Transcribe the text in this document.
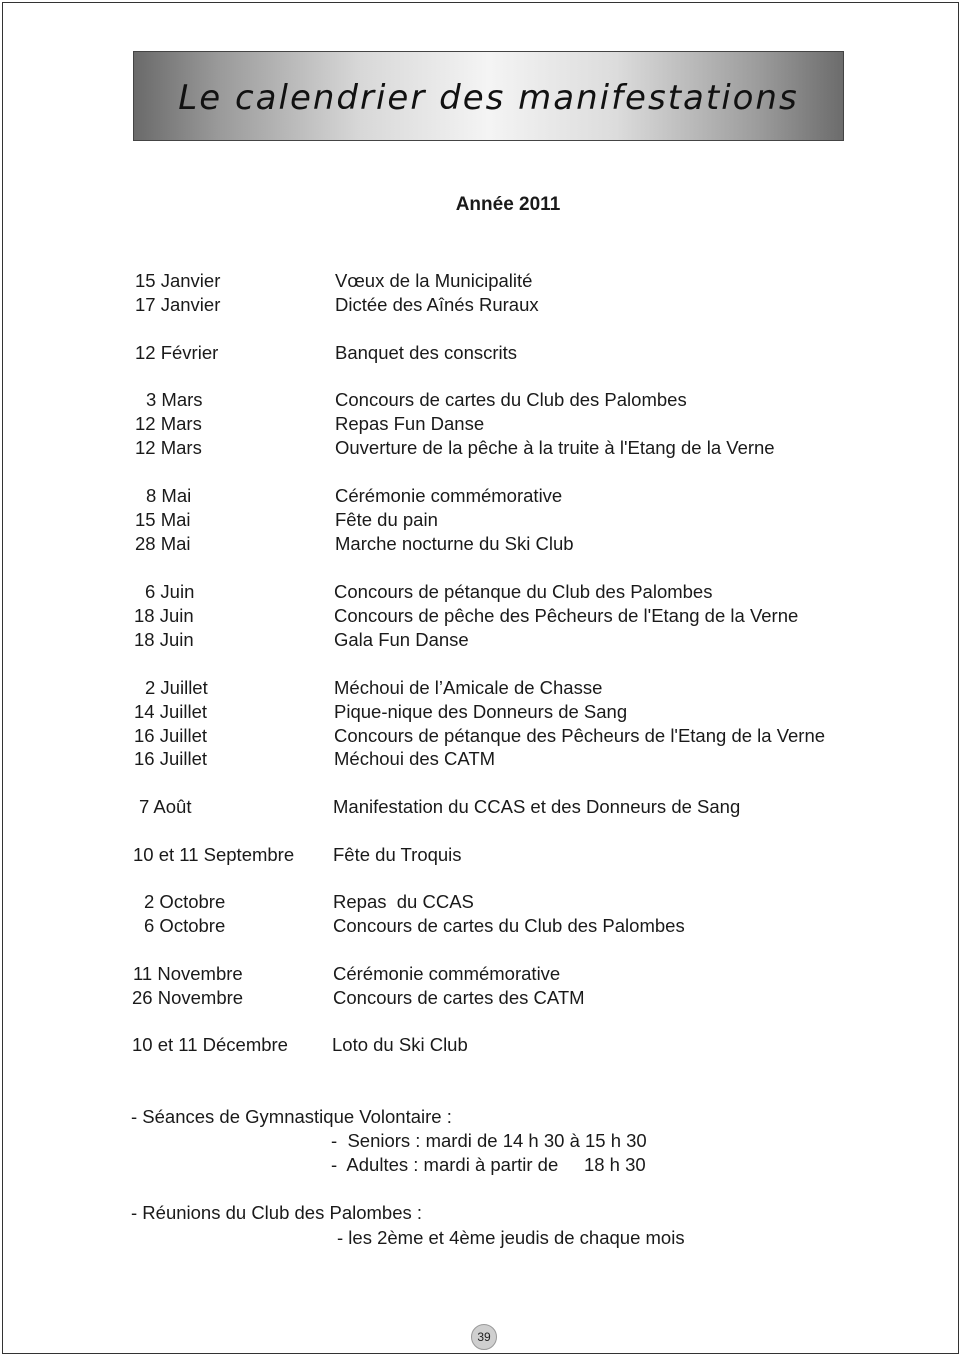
Le calendrier des manifestations
Année 2011
15 Janvier	Vœux de la Municipalité
17 Janvier	Dictée des Aînés Ruraux
12 Février	Banquet des conscrits
3 Mars	Concours de cartes du Club des Palombes
12 Mars	Repas Fun Danse
12 Mars	Ouverture de la pêche à la truite à l'Etang de la Verne
8 Mai	Cérémonie commémorative
15 Mai	Fête du pain
28 Mai	Marche nocturne du Ski Club
6 Juin	Concours de pétanque du Club des Palombes
18 Juin	Concours de pêche des Pêcheurs de l'Etang de la Verne
18 Juin	Gala Fun Danse
2 Juillet	Méchoui de l’Amicale de Chasse
14 Juillet	Pique-nique des Donneurs de Sang
16 Juillet	Concours de pétanque des Pêcheurs de l'Etang de la Verne
16 Juillet	Méchoui des CATM
7 Août	Manifestation du CCAS et des Donneurs de Sang
10 et 11 Septembre Fête du Troquis
2 Octobre	Repas  du CCAS
6 Octobre	Concours de cartes du Club des Palombes
11 Novembre	Cérémonie commémorative
26 Novembre	Concours de cartes des CATM
10 et 11 Décembre Loto du Ski Club
- Séances de Gymnastique Volontaire :
-  Seniors : mardi de 14 h 30 à 15 h 30
-  Adultes : mardi à partir de     18 h 30
- Réunions du Club des Palombes :
- les 2ème et 4ème jeudis de chaque mois
39
